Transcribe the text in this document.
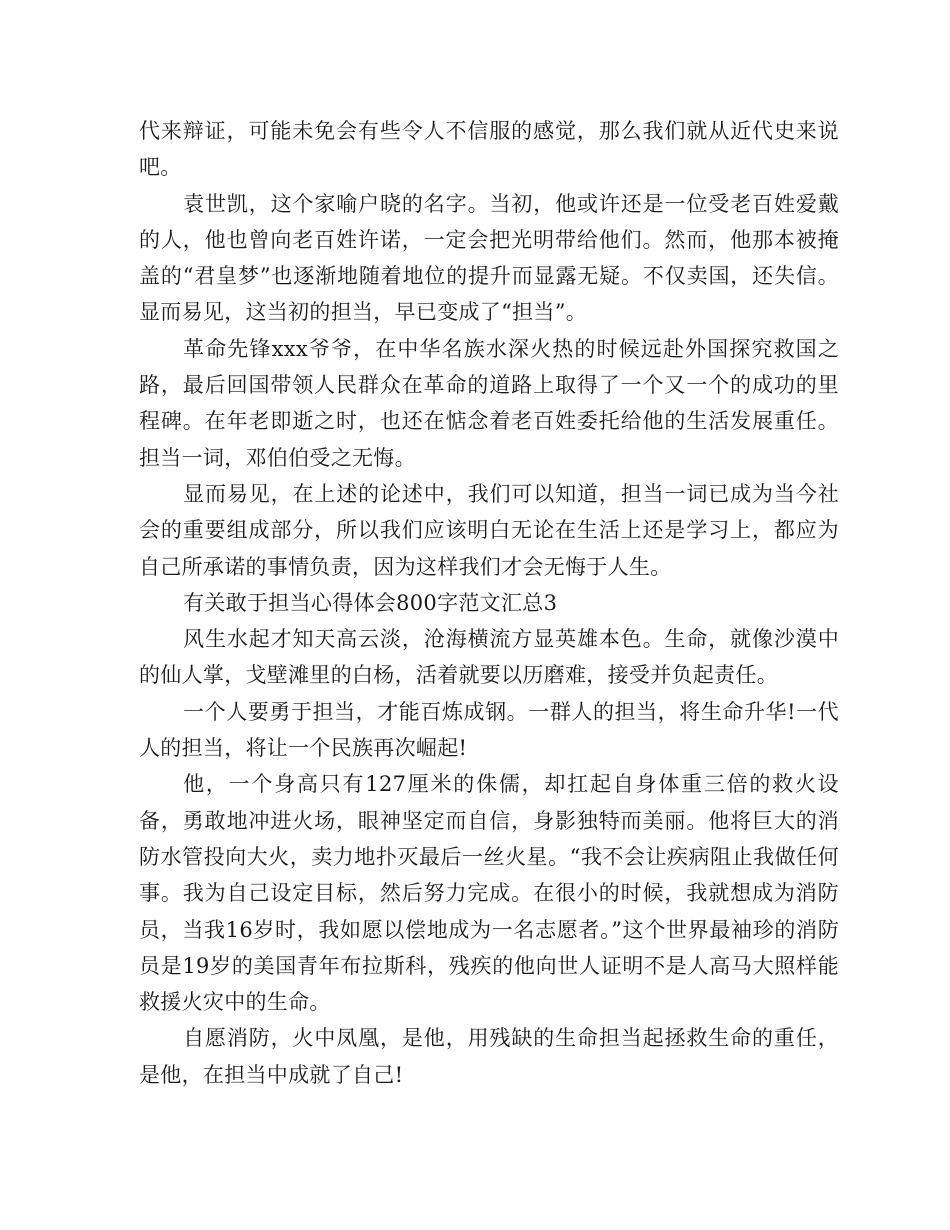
代来辩证，可能未免会有些令人不信服的感觉，那么我们就从近代史来说吧。

袁世凯，这个家喻户晓的名字。当初，他或许还是一位受老百姓爱戴的人，他也曾向老百姓许诺，一定会把光明带给他们。然而，他那本被掩盖的“君皇梦”也逐渐地随着地位的提升而显露无疑。不仅卖国，还失信。显而易见，这当初的担当，早已变成了“担当”。

革命先锋xxx爷爷，在中华名族水深火热的时候远赴外国探究救国之路，最后回国带领人民群众在革命的道路上取得了一个又一个的成功的里程碑。在年老即逝之时，也还在惦念着老百姓委托给他的生活发展重任。担当一词，邓伯伯受之无悔。

显而易见，在上述的论述中，我们可以知道，担当一词已成为当今社会的重要组成部分，所以我们应该明白无论在生活上还是学习上，都应为自己所承诺的事情负责，因为这样我们才会无悔于人生。

有关敢于担当心得体会800字范文汇总3

风生水起才知天高云淡，沧海横流方显英雄本色。生命，就像沙漠中的仙人掌，戈壁滩里的白杨，活着就要以历磨难，接受并负起责任。

一个人要勇于担当，才能百炼成钢。一群人的担当，将生命升华!一代人的担当，将让一个民族再次崛起!

他，一个身高只有127厘米的侏儒，却扛起自身体重三倍的救火设备，勇敢地冲进火场，眼神坚定而自信，身影独特而美丽。他将巨大的消防水管投向大火，卖力地扑灭最后一丝火星。“我不会让疾病阻止我做任何事。我为自己设定目标，然后努力完成。在很小的时候，我就想成为消防员，当我16岁时，我如愿以偿地成为一名志愿者。”这个世界最袖珍的消防员是19岁的美国青年布拉斯科，残疾的他向世人证明不是人高马大照样能救援火灾中的生命。

自愿消防，火中凤凰，是他，用残缺的生命担当起拯救生命的重任，是他，在担当中成就了自己!
